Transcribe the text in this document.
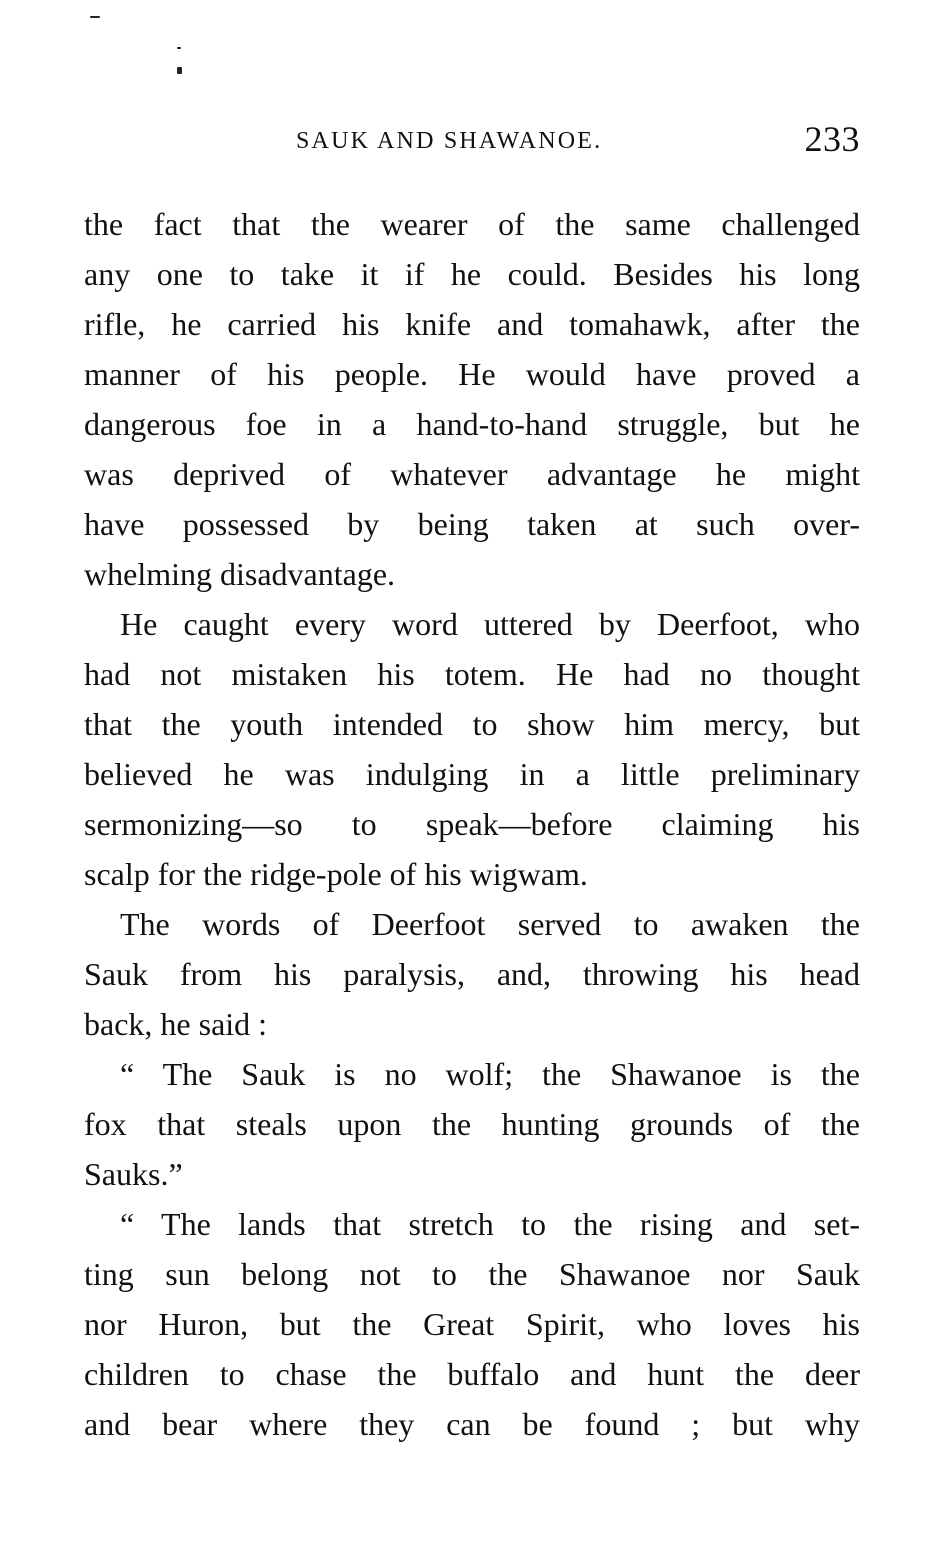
SAUK AND SHAWANOE.	233
the fact that the wearer of the same challenged
any one to take it if he could. Besides his long
rifle, he carried his knife and tomahawk, after the
manner of his people. He would have proved a
dangerous foe in a hand-to-hand struggle, but he
was deprived of whatever advantage he might
have possessed by being taken at such over-
whelming disadvantage.
He caught every word uttered by Deerfoot, who
had not mistaken his totem. He had no thought
that the youth intended to show him mercy, but
believed he was indulging in a little preliminary
sermonizing—so to speak—before claiming his
scalp for the ridge-pole of his wigwam.
The words of Deerfoot served to awaken the
Sauk from his paralysis, and, throwing his head
back, he said :
“ The Sauk is no wolf; the Shawanoe is the
fox that steals upon the hunting grounds of the
Sauks.”
“ The lands that stretch to the rising and set-
ting sun belong not to the Shawanoe nor Sauk
nor Huron, but the Great Spirit, who loves his
children to chase the buffalo and hunt the deer
and bear where they can be found ; but why
